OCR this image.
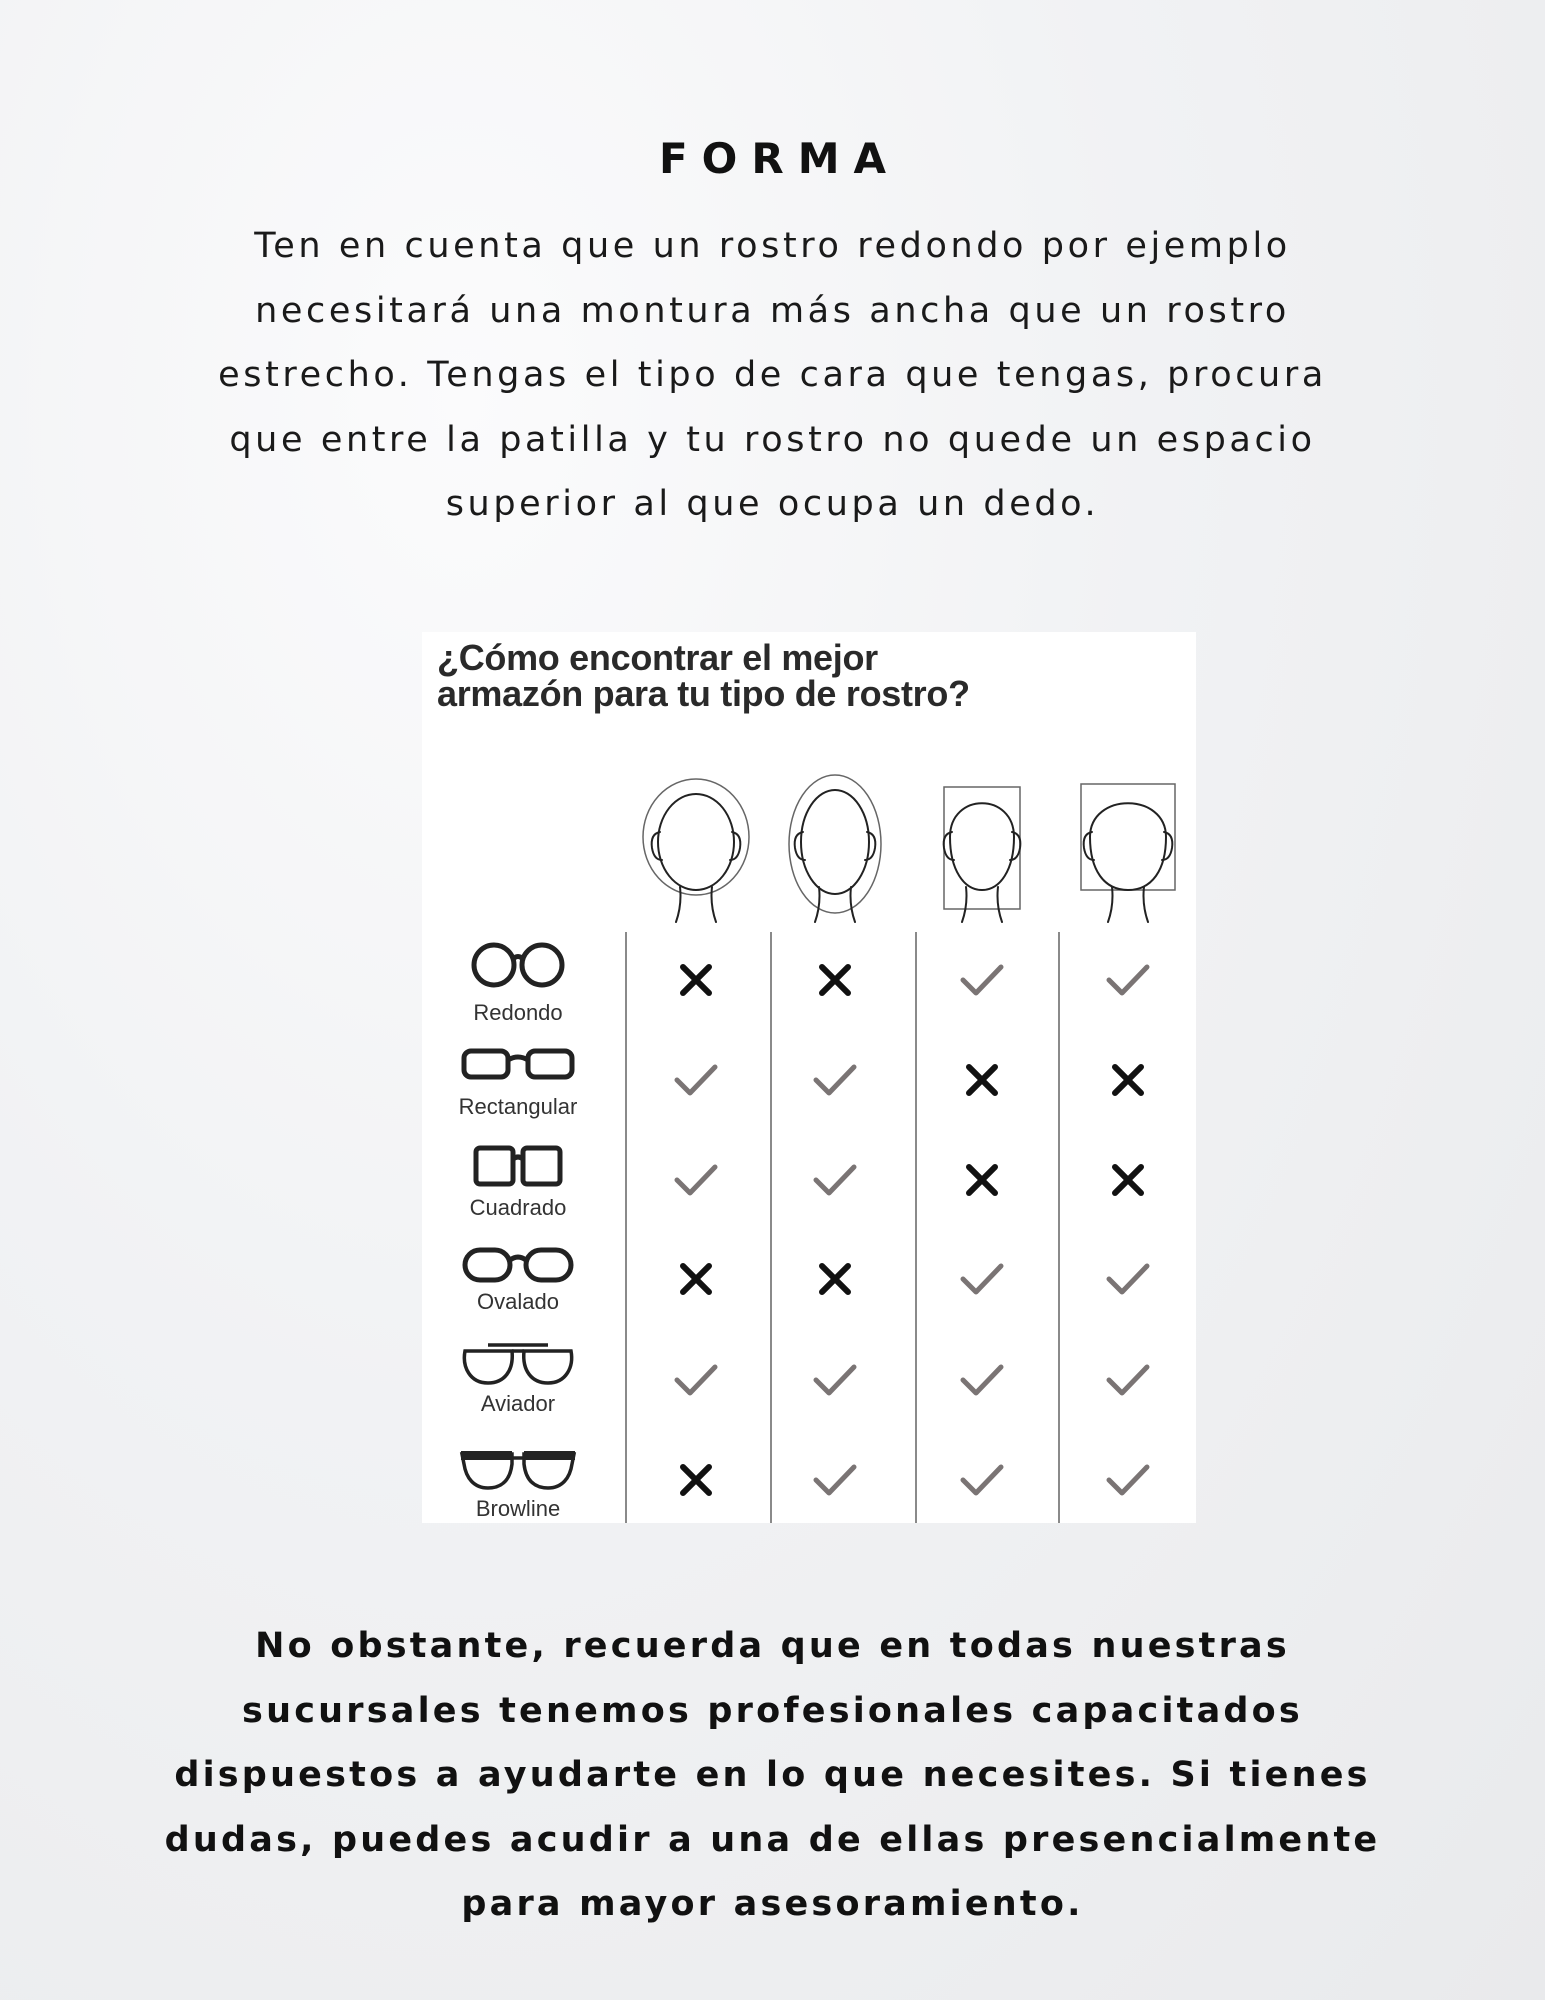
FORMA
Ten en cuenta que un rostro redondo por ejemplo necesitará una montura más ancha que un rostro estrecho. Tengas el tipo de cara que tengas, procura que entre la patilla y tu rostro no quede un espacio superior al que ocupa un dedo.
¿Cómo encontrar el mejor
armazón para tu tipo de rostro?
Redondo
Rectangular
Cuadrado
Ovalado
Aviador
Browline
No obstante, recuerda que en todas nuestras sucursales tenemos profesionales capacitados dispuestos a ayudarte en lo que necesites. Si tienes dudas, puedes acudir a una de ellas presencialmente para mayor asesoramiento.
